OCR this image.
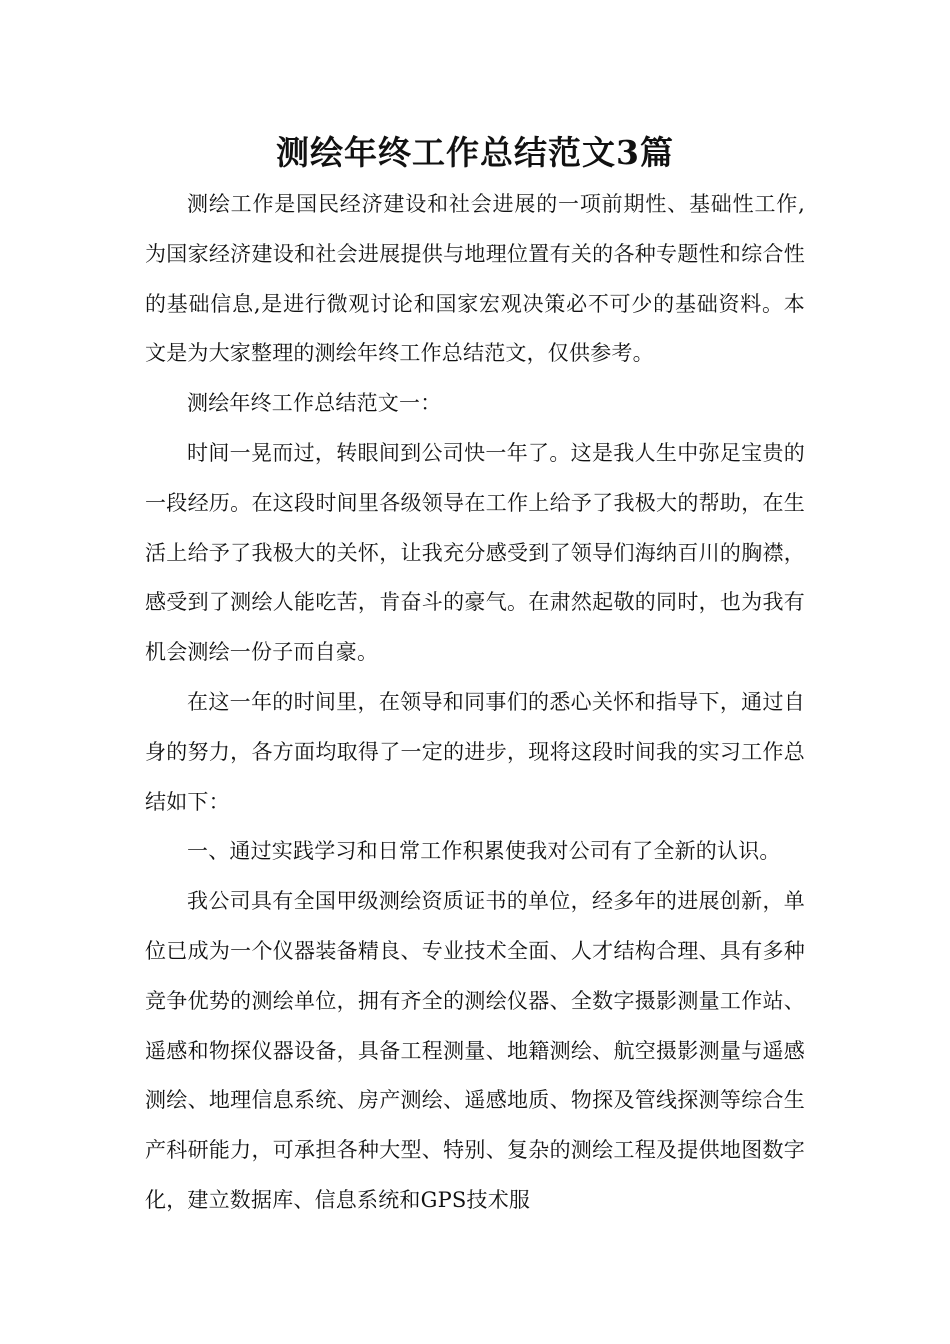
测绘年终工作总结范文3篇

测绘工作是国民经济建设和社会进展的一项前期性、基础性工作,为国家经济建设和社会进展提供与地理位置有关的各种专题性和综合性的基础信息,是进行微观讨论和国家宏观决策必不可少的基础资料。本文是为大家整理的测绘年终工作总结范文，仅供参考。

测绘年终工作总结范文一：

时间一晃而过，转眼间到公司快一年了。这是我人生中弥足宝贵的一段经历。在这段时间里各级领导在工作上给予了我极大的帮助，在生活上给予了我极大的关怀，让我充分感受到了领导们海纳百川的胸襟，感受到了测绘人能吃苦，肯奋斗的豪气。在肃然起敬的同时，也为我有机会测绘一份子而自豪。

在这一年的时间里，在领导和同事们的悉心关怀和指导下，通过自身的努力，各方面均取得了一定的进步，现将这段时间我的实习工作总结如下：

一、通过实践学习和日常工作积累使我对公司有了全新的认识。

我公司具有全国甲级测绘资质证书的单位，经多年的进展创新，单位已成为一个仪器装备精良、专业技术全面、人才结构合理、具有多种竞争优势的测绘单位，拥有齐全的测绘仪器、全数字摄影测量工作站、遥感和物探仪器设备，具备工程测量、地籍测绘、航空摄影测量与遥感测绘、地理信息系统、房产测绘、遥感地质、物探及管线探测等综合生产科研能力，可承担各种大型、特别、复杂的测绘工程及提供地图数字化，建立数据库、信息系统和GPS技术服
